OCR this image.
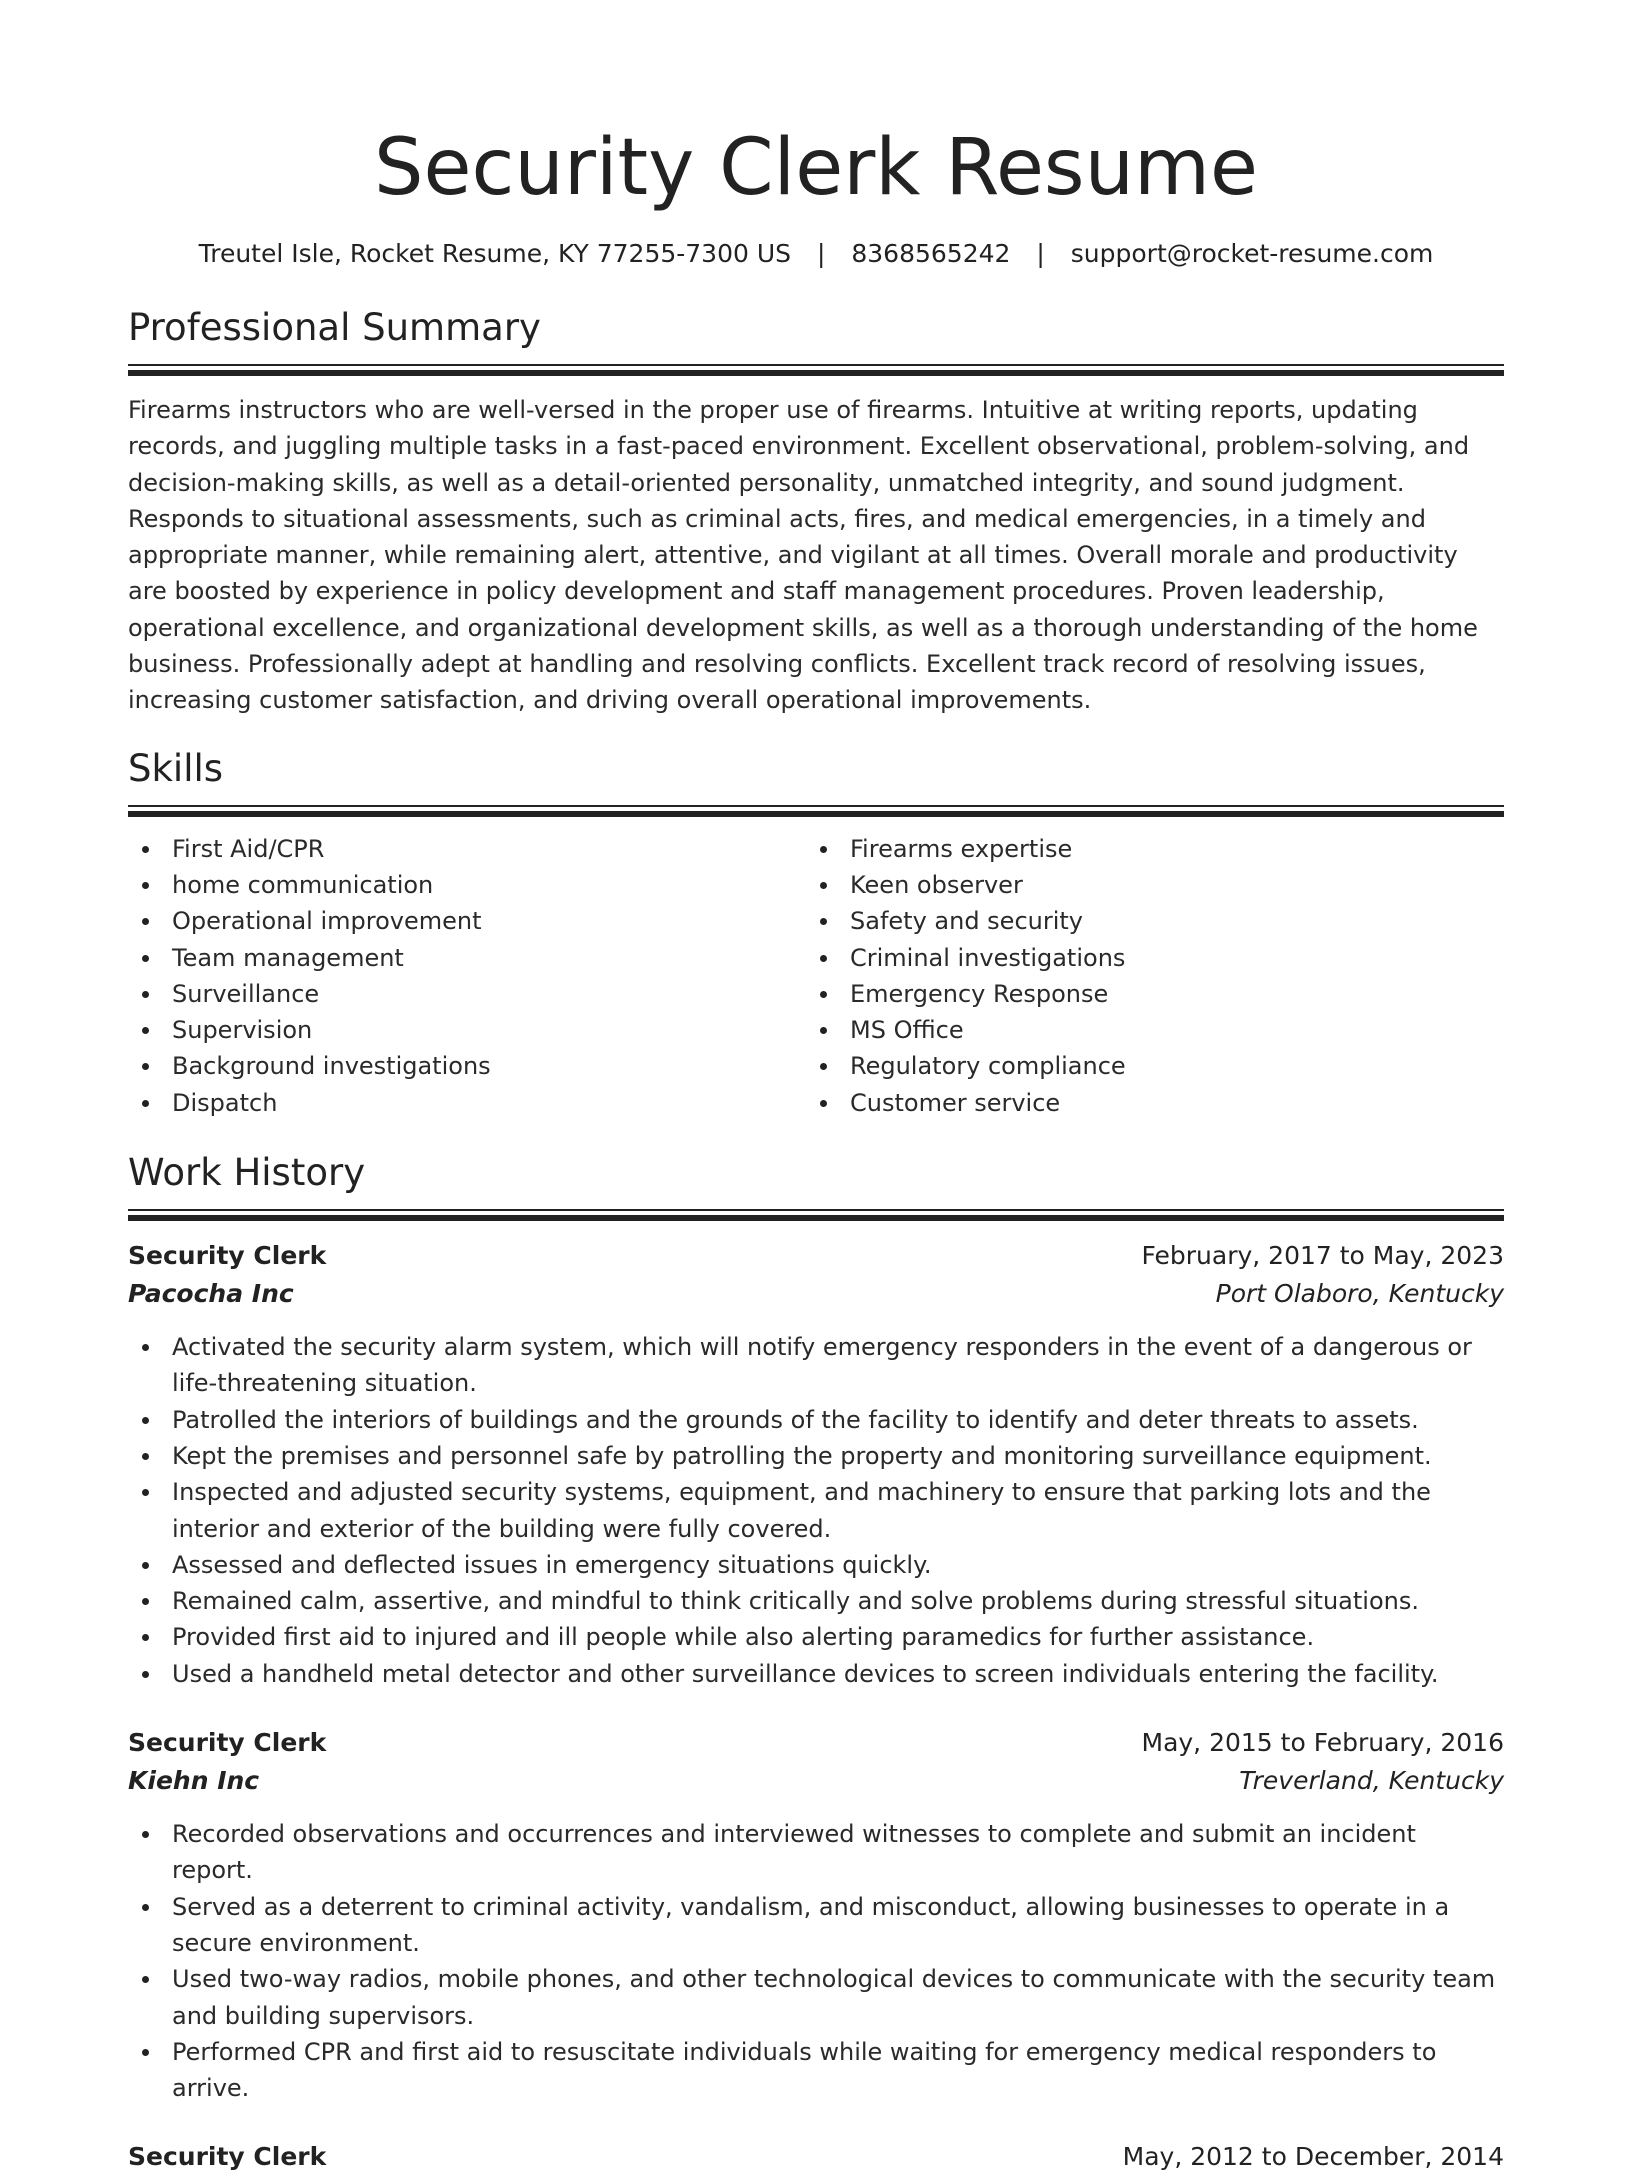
Security Clerk Resume
Treutel Isle, Rocket Resume, KY 77255-7300 US | 8368565242 | support@rocket-resume.com
Professional Summary
Firearms instructors who are well-versed in the proper use of firearms. Intuitive at writing reports, updating records, and juggling multiple tasks in a fast-paced environment. Excellent observational, problem-solving, and decision-making skills, as well as a detail-oriented personality, unmatched integrity, and sound judgment. Responds to situational assessments, such as criminal acts, fires, and medical emergencies, in a timely and appropriate manner, while remaining alert, attentive, and vigilant at all times. Overall morale and productivity are boosted by experience in policy development and staff management procedures. Proven leadership, operational excellence, and organizational development skills, as well as a thorough understanding of the home business. Professionally adept at handling and resolving conflicts. Excellent track record of resolving issues, increasing customer satisfaction, and driving overall operational improvements.
Skills
First Aid/CPR
home communication
Operational improvement
Team management
Surveillance
Supervision
Background investigations
Dispatch
Firearms expertise
Keen observer
Safety and security
Criminal investigations
Emergency Response
MS Office
Regulatory compliance
Customer service
Work History
Security Clerk	February, 2017 to May, 2023
Pacocha Inc	Port Olaboro, Kentucky
Activated the security alarm system, which will notify emergency responders in the event of a dangerous or life-threatening situation.
Patrolled the interiors of buildings and the grounds of the facility to identify and deter threats to assets.
Kept the premises and personnel safe by patrolling the property and monitoring surveillance equipment.
Inspected and adjusted security systems, equipment, and machinery to ensure that parking lots and the interior and exterior of the building were fully covered.
Assessed and deflected issues in emergency situations quickly.
Remained calm, assertive, and mindful to think critically and solve problems during stressful situations.
Provided first aid to injured and ill people while also alerting paramedics for further assistance.
Used a handheld metal detector and other surveillance devices to screen individuals entering the facility.
Security Clerk	May, 2015 to February, 2016
Kiehn Inc	Treverland, Kentucky
Recorded observations and occurrences and interviewed witnesses to complete and submit an incident report.
Served as a deterrent to criminal activity, vandalism, and misconduct, allowing businesses to operate in a secure environment.
Used two-way radios, mobile phones, and other technological devices to communicate with the security team and building supervisors.
Performed CPR and first aid to resuscitate individuals while waiting for emergency medical responders to arrive.
Security Clerk	May, 2012 to December, 2014
